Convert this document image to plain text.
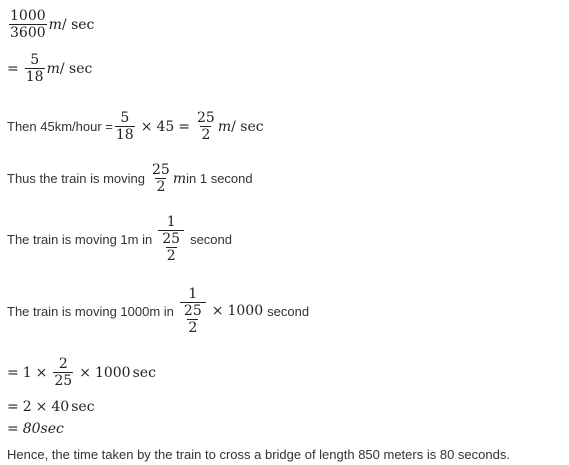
$\frac{1000}{3600}$ m / sec
= $\frac{5}{18}$ m / sec
Then 45km/hour = $\frac{5}{18} \times 45 = \frac{25}{2}$ m / sec
Thus the train is moving $\frac{25}{2}$ m in 1 second
The train is moving 1m in $\frac{1}{\frac{25}{2}}$ second
The train is moving 1000m in $\frac{1}{\frac{25}{2}} \times 1000$ second
= $1 \times \frac{2}{25} \times 1000$ sec
= 2 × 40 sec
= 80sec
Hence, the time taken by the train to cross a bridge of length 850 meters is 80 seconds.
